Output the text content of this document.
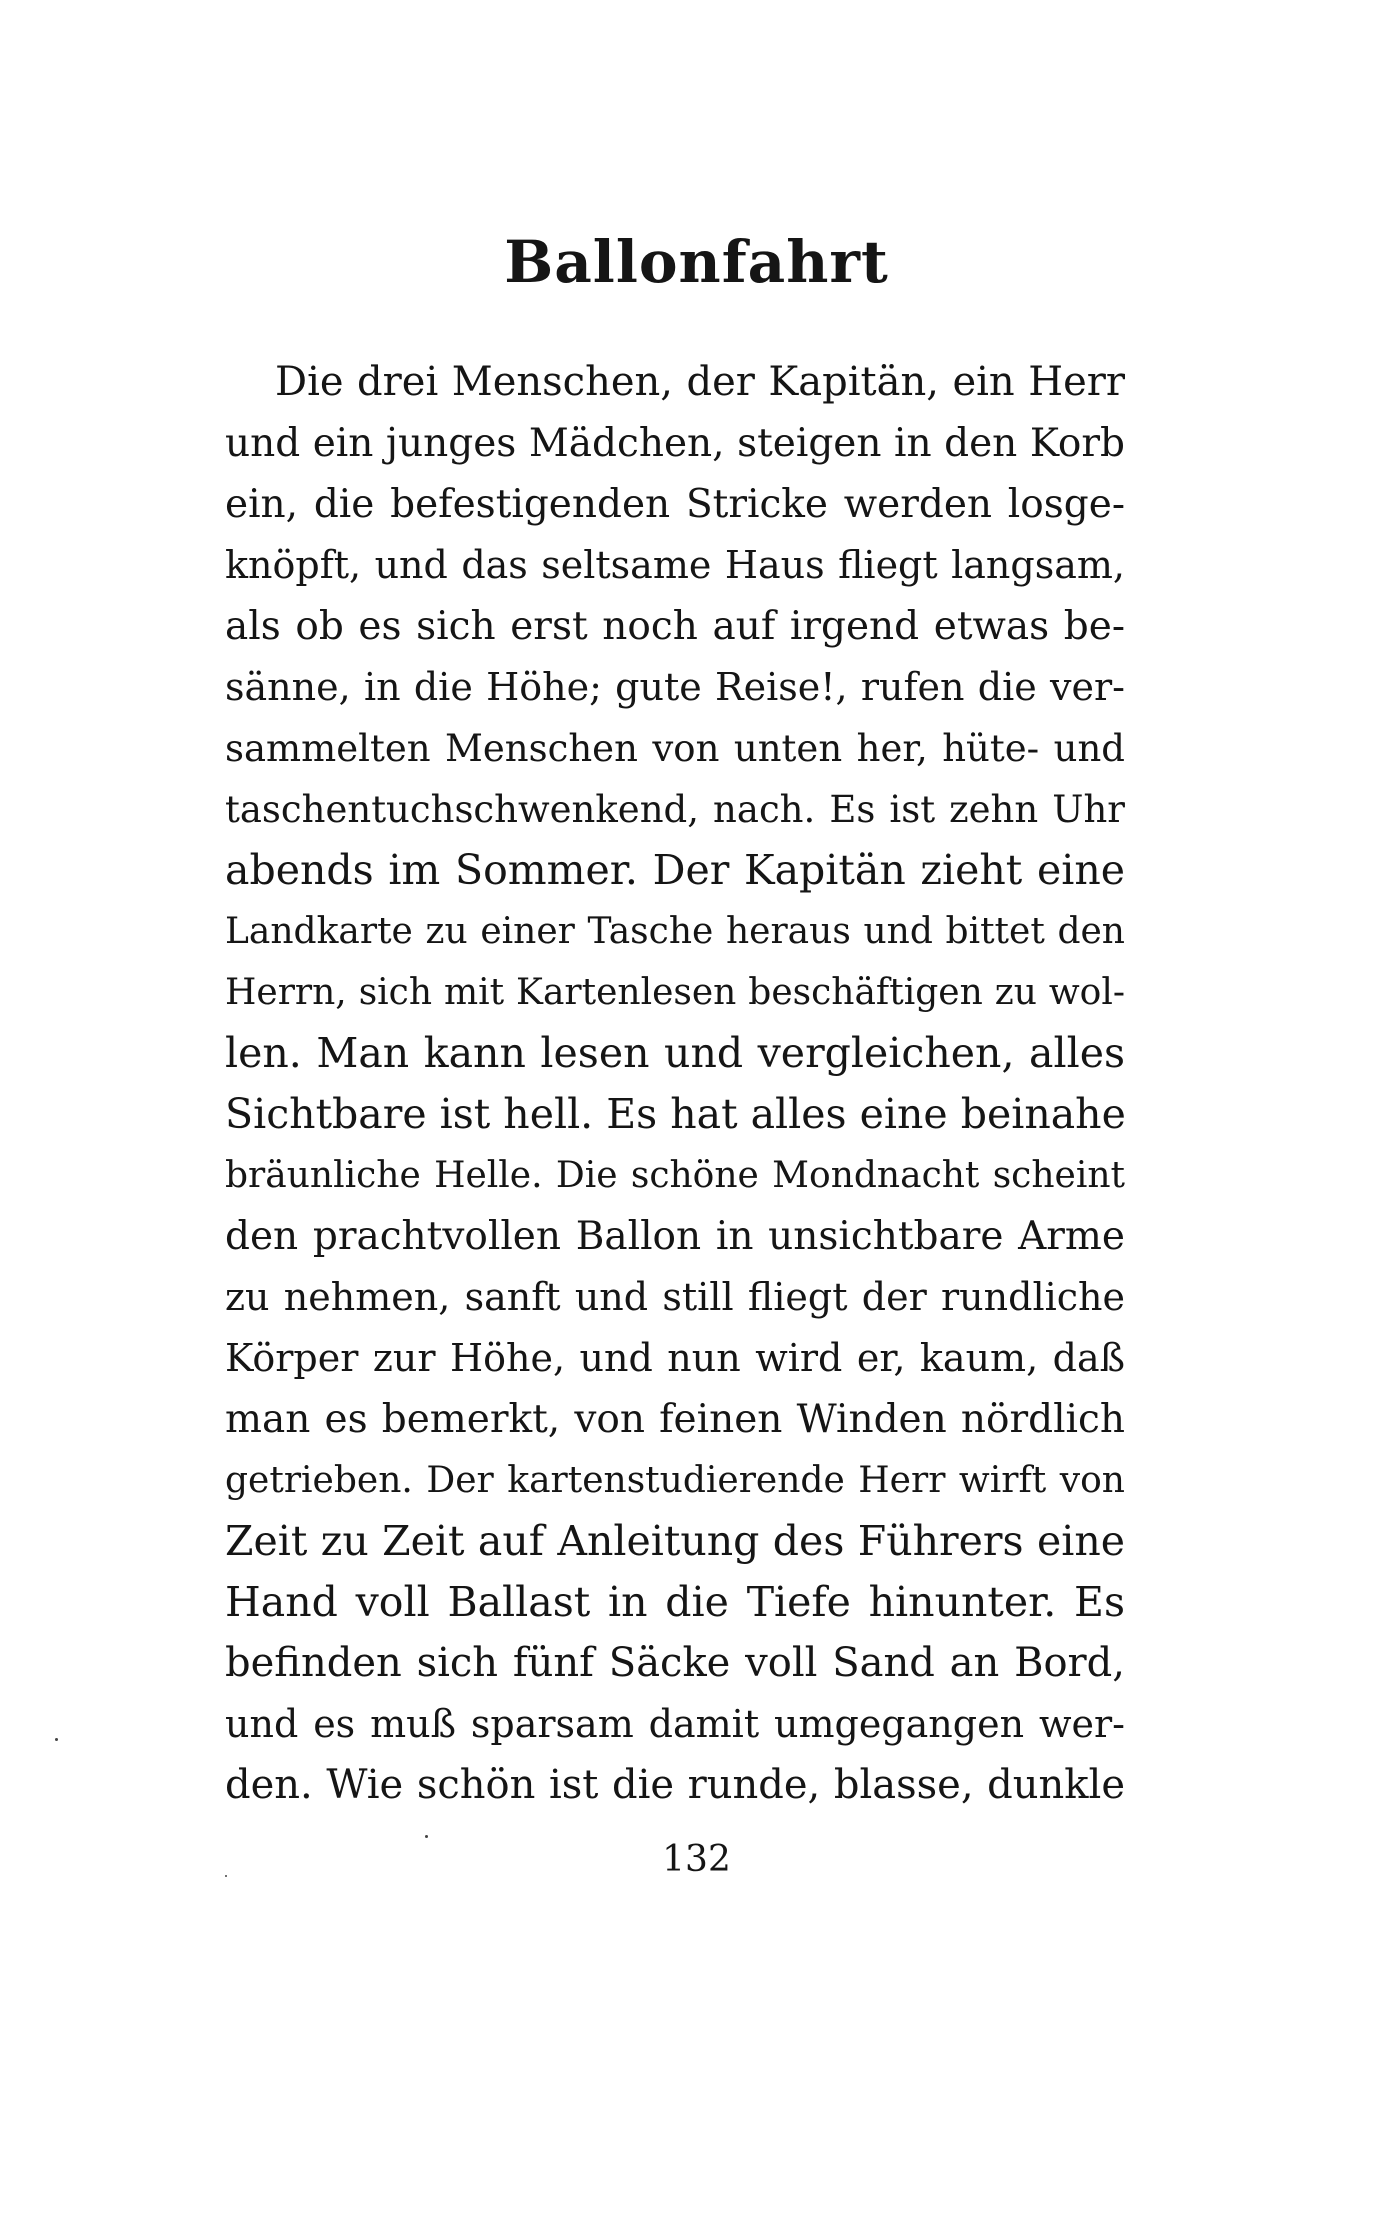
Ballonfahrt
Die drei Menschen, der Kapitän, ein Herr
und ein junges Mädchen, steigen in den Korb
ein, die befestigenden Stricke werden losge-
knöpft, und das seltsame Haus fliegt langsam,
als ob es sich erst noch auf irgend etwas be-
sänne, in die Höhe; gute Reise!, rufen die ver-
sammelten Menschen von unten her, hüte- und
taschentuchschwenkend, nach. Es ist zehn Uhr
abends im Sommer. Der Kapitän zieht eine
Landkarte zu einer Tasche heraus und bittet den
Herrn, sich mit Kartenlesen beschäftigen zu wol-
len. Man kann lesen und vergleichen, alles
Sichtbare ist hell. Es hat alles eine beinahe
bräunliche Helle. Die schöne Mondnacht scheint
den prachtvollen Ballon in unsichtbare Arme
zu nehmen, sanft und still fliegt der rundliche
Körper zur Höhe, und nun wird er, kaum, daß
man es bemerkt, von feinen Winden nördlich
getrieben. Der kartenstudierende Herr wirft von
Zeit zu Zeit auf Anleitung des Führers eine
Hand voll Ballast in die Tiefe hinunter. Es
befinden sich fünf Säcke voll Sand an Bord,
und es muß sparsam damit umgegangen wer-
den. Wie schön ist die runde, blasse, dunkle
132
